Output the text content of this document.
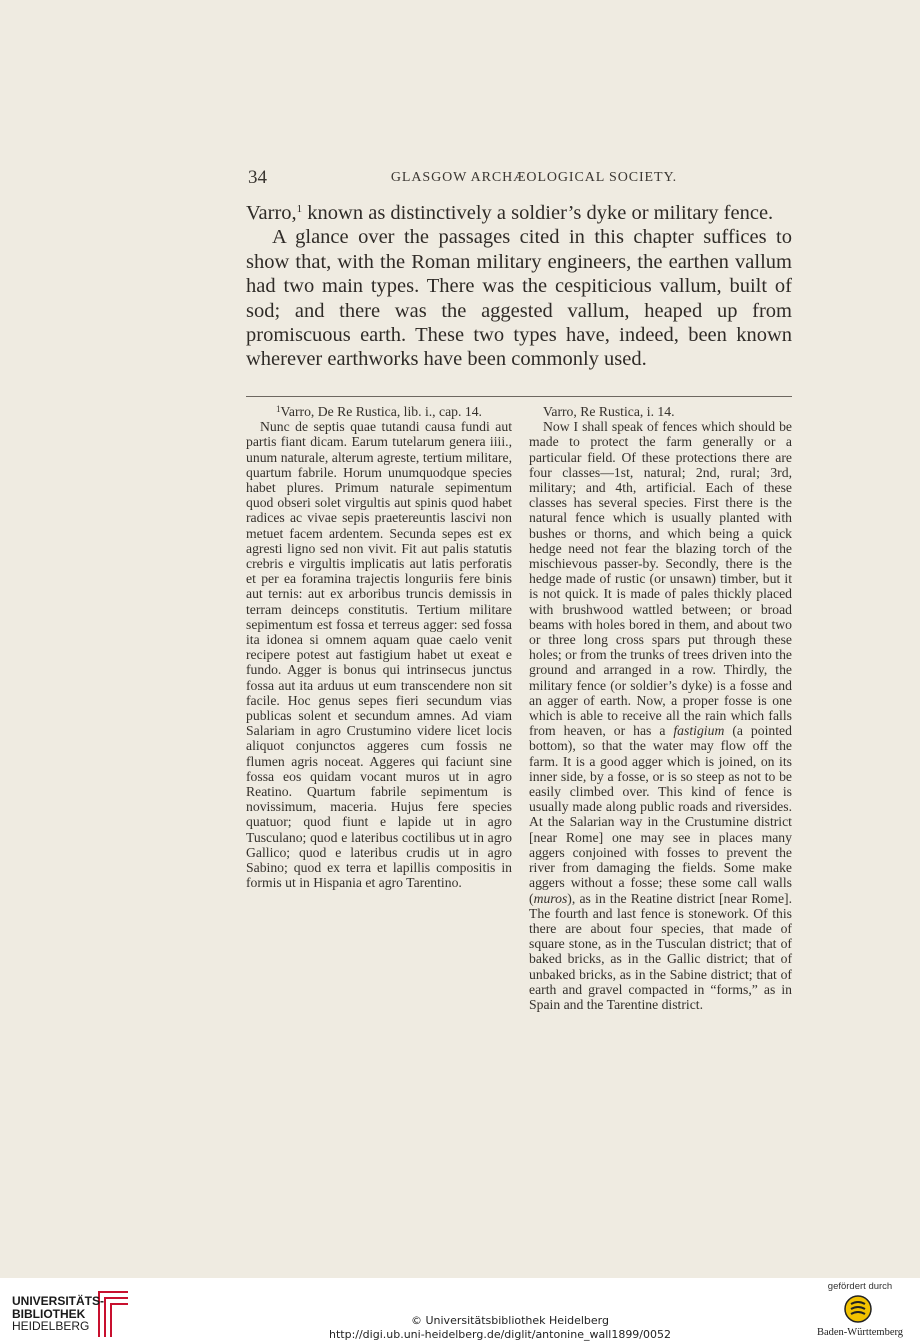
34	GLASGOW ARCHÆOLOGICAL SOCIETY.

Varro,$^1$ known as distinctively a soldier’s dyke or military fence.

A glance over the passages cited in this chapter suffices to show that, with the Roman military engineers, the earthen vallum had two main types. There was the cespiticious vallum, built of sod; and there was the aggested vallum, heaped up from promiscuous earth. These two types have, indeed, been known wherever earthworks have been commonly used.

$^1$Varro, De Re Rustica, lib. i., cap. 14.

Nunc de septis quae tutandi causa fundi aut partis fiant dicam. Earum tutelarum genera iiii., unum naturale, alterum agreste, tertium militare, quartum fabrile. Horum unumquodque species habet plures. Primum naturale sepimentum quod obseri solet virgultis aut spinis quod habet radices ac vivae sepis praetereuntis lascivi non metuet facem ardentem. Secunda sepes est ex agresti ligno sed non vivit. Fit aut palis statutis crebris e virgultis implicatis aut latis perforatis et per ea foramina trajectis longuriis fere binis aut ternis: aut ex arboribus truncis demissis in terram deinceps constitutis. Tertium militare sepimentum est fossa et terreus agger: sed fossa ita idonea si omnem aquam quae caelo venit recipere potest aut fastigium habet ut exeat e fundo. Agger is bonus qui intrinsecus junctus fossa aut ita arduus ut eum transcendere non sit facile. Hoc genus sepes fieri secundum vias publicas solent et secundum amnes. Ad viam Salariam in agro Crustumino videre licet locis aliquot conjunctos aggeres cum fossis ne flumen agris noceat. Aggeres qui faciunt sine fossa eos quidam vocant muros ut in agro Reatino. Quartum fabrile sepimentum is novissimum, maceria. Hujus fere species quatuor; quod fiunt e lapide ut in agro Tusculano; quod e lateribus coctilibus ut in agro Gallico; quod e lateribus crudis ut in agro Sabino; quod ex terra et lapillis compositis in formis ut in Hispania et agro Tarentino.

Varro, Re Rustica, i. 14.

Now I shall speak of fences which should be made to protect the farm generally or a particular field. Of these protections there are four classes—1st, natural; 2nd, rural; 3rd, military; and 4th, artificial. Each of these classes has several species. First there is the natural fence which is usually planted with bushes or thorns, and which being a quick hedge need not fear the blazing torch of the mischievous passer-by. Secondly, there is the hedge made of rustic (or unsawn) timber, but it is not quick. It is made of pales thickly placed with brushwood wattled between; or broad beams with holes bored in them, and about two or three long cross spars put through these holes; or from the trunks of trees driven into the ground and arranged in a row. Thirdly, the military fence (or soldier’s dyke) is a fosse and an agger of earth. Now, a proper fosse is one which is able to receive all the rain which falls from heaven, or has a fastigium (a pointed bottom), so that the water may flow off the farm. It is a good agger which is joined, on its inner side, by a fosse, or is so steep as not to be easily climbed over. This kind of fence is usually made along public roads and riversides. At the Salarian way in the Crustumine district [near Rome] one may see in places many aggers conjoined with fosses to prevent the river from damaging the fields. Some make aggers without a fosse; these some call walls (muros), as in the Reatine district [near Rome]. The fourth and last fence is stonework. Of this there are about four species, that made of square stone, as in the Tusculan district; that of baked bricks, as in the Gallic district; that of unbaked bricks, as in the Sabine district; that of earth and gravel compacted in “forms,” as in Spain and the Tarentine district.

UNIVERSITÄTS-
BIBLIOTHEK
HEIDELBERG	© Universitätsbibliothek Heidelberg
http://digi.ub.uni-heidelberg.de/diglit/antonine_wall1899/0052
gefördert durch
Baden-Württemberg
